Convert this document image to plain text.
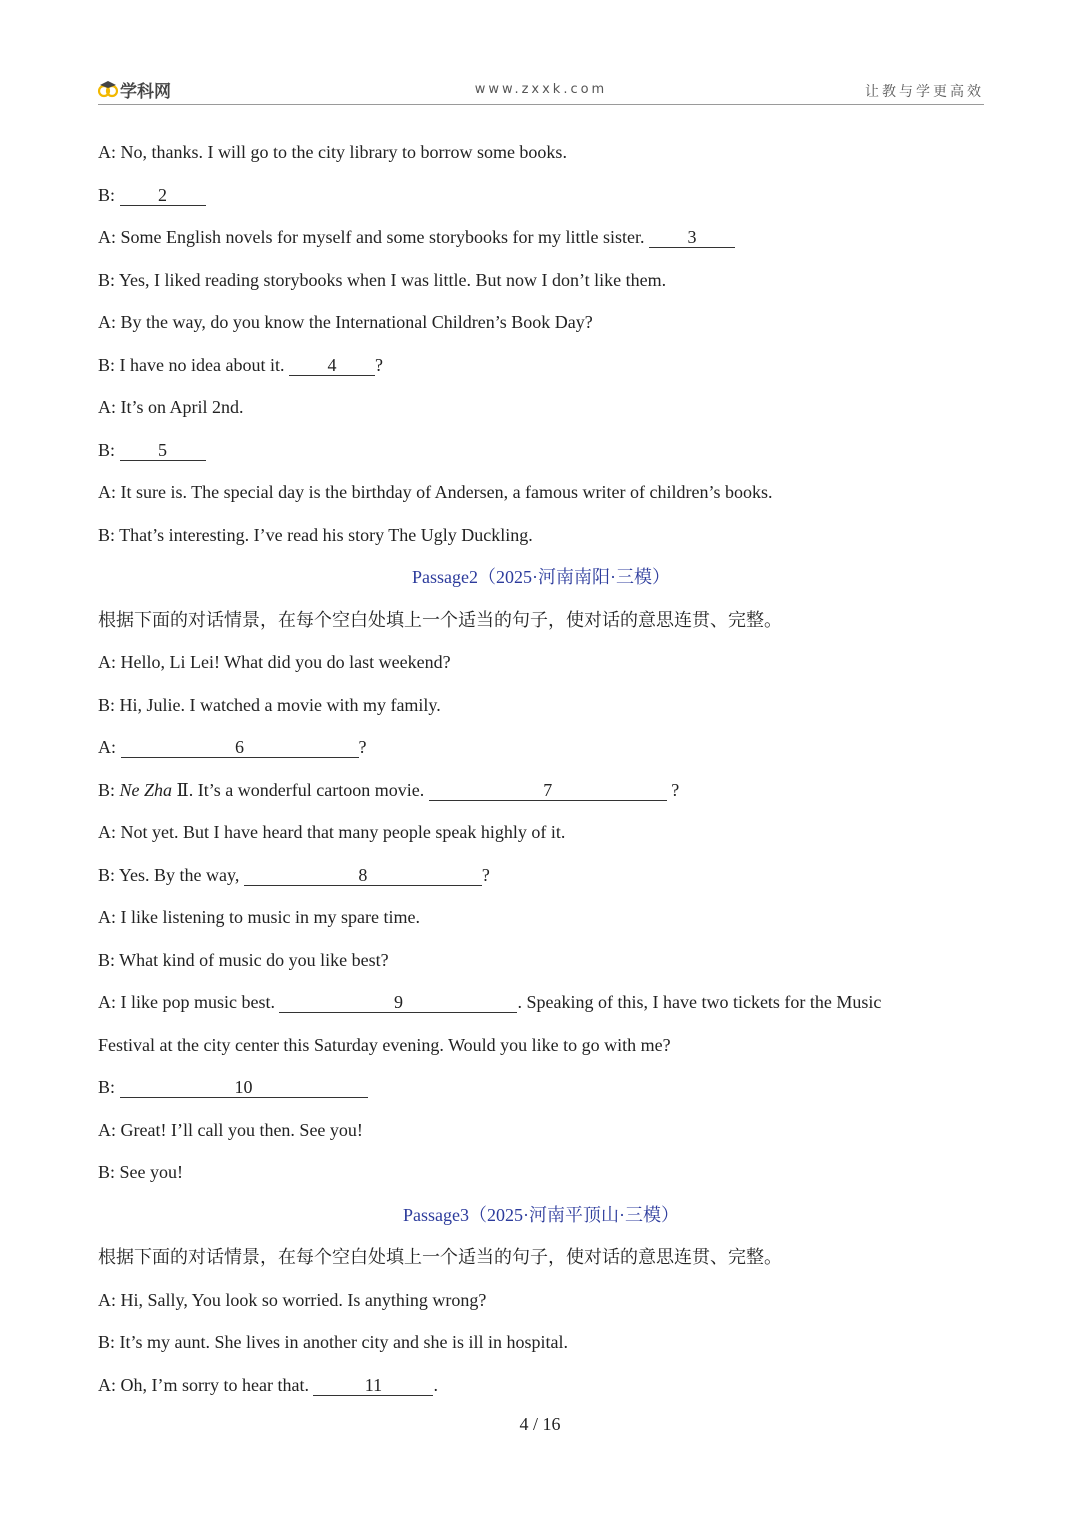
学科网	www.zxxk.com	让教与学更高效
A: No, thanks. I will go to the city library to borrow some books.
B: 2
A: Some English novels for myself and some storybooks for my little sister. 3
B: Yes, I liked reading storybooks when I was little. But now I don’t like them.
A: By the way, do you know the International Children’s Book Day?
B: I have no idea about it. 4 ?
A: It’s on April 2nd.
B: 5
A: It sure is. The special day is the birthday of Andersen, a famous writer of children’s books.
B: That’s interesting. I’ve read his story The Ugly Duckling.
Passage2（2025·河南南阳·三模）
根据下面的对话情景，在每个空白处填上一个适当的句子，使对话的意思连贯、完整。
A: Hello, Li Lei! What did you do last weekend?
B: Hi, Julie. I watched a movie with my family.
A:	6	?
B: Ne Zha Ⅱ. It’s a wonderful cartoon movie.	7	?
A: Not yet. But I have heard that many people speak highly of it.
B: Yes. By the way,	8	?
A: I like listening to music in my spare time.
B: What kind of music do you like best?
A: I like pop music best.	9	. Speaking of this, I have two tickets for the Music
Festival at the city center this Saturday evening. Would you like to go with me?
B:	10
A: Great! I’ll call you then. See you!
B: See you!
Passage3（2025·河南平顶山·三模）
根据下面的对话情景，在每个空白处填上一个适当的句子，使对话的意思连贯、完整。
A: Hi, Sally, You look so worried. Is anything wrong?
B: It’s my aunt. She lives in another city and she is ill in hospital.
A: Oh, I’m sorry to hear that.	11	.
4 / 16
